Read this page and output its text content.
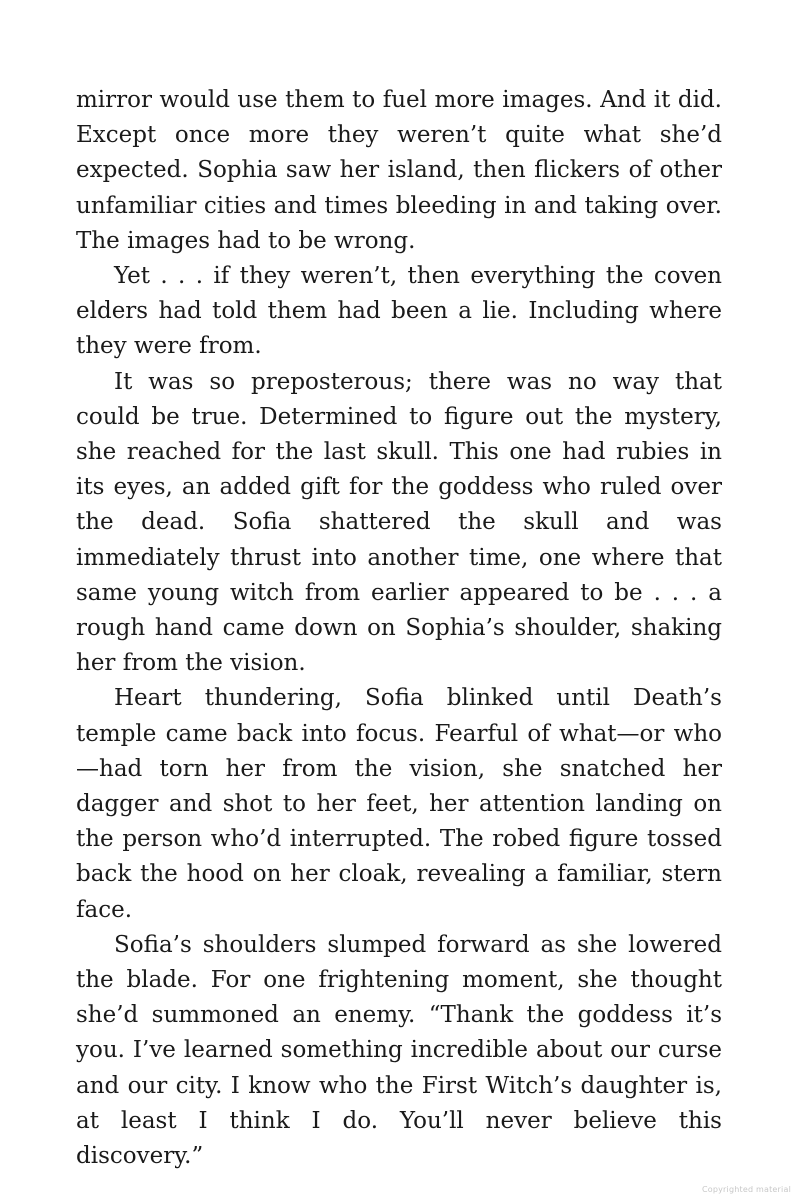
mirror would use them to fuel more images. And it did. Except once more they weren’t quite what she’d expected. Sophia saw her island, then flickers of other unfamiliar cities and times bleeding in and taking over. The images had to be wrong.

Yet . . . if they weren’t, then everything the coven elders had told them had been a lie. Including where they were from.

It was so preposterous; there was no way that could be true. Determined to figure out the mystery, she reached for the last skull. This one had rubies in its eyes, an added gift for the goddess who ruled over the dead. Sofia shattered the skull and was immediately thrust into another time, one where that same young witch from earlier appeared to be . . . a rough hand came down on Sophia’s shoulder, shaking her from the vision.

Heart thundering, Sofia blinked until Death’s temple came back into focus. Fearful of what—or who—had torn her from the vision, she snatched her dagger and shot to her feet, her attention landing on the person who’d interrupted. The robed figure tossed back the hood on her cloak, revealing a familiar, stern face.

Sofia’s shoulders slumped forward as she lowered the blade. For one frightening moment, she thought she’d summoned an enemy. “Thank the goddess it’s you. I’ve learned something incredible about our curse and our city. I know who the First Witch’s daughter is, at least I think I do. You’ll never believe this discovery.”

Copyrighted material
